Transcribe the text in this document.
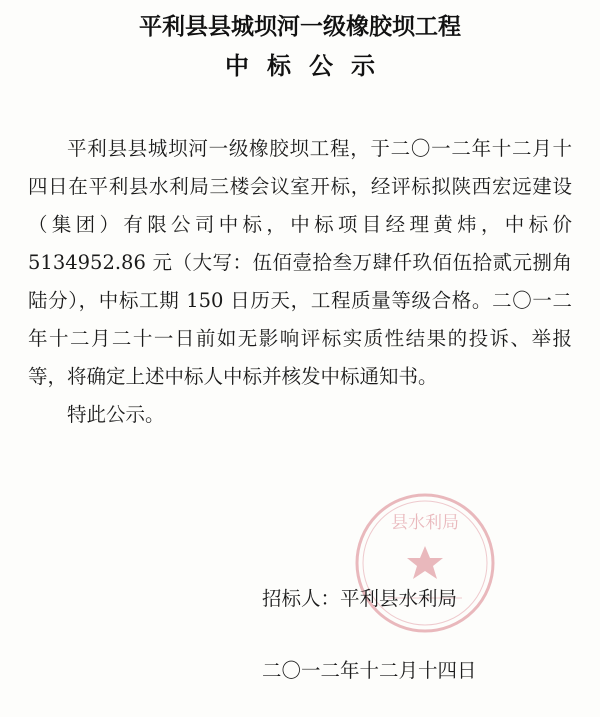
平利县县城坝河一级橡胶坝工程
中标公示

平利县县城坝河一级橡胶坝工程，于二〇一二年十二月十四日在平利县水利局三楼会议室开标，经评标拟陕西宏远建设（集团）有限公司中标，中标项目经理黄炜，中标价 5134952.86 元（大写：伍佰壹拾叁万肆仟玖佰伍拾贰元捌角陆分），中标工期 150 日历天，工程质量等级合格。二〇一二年十二月二十一日前如无影响评标实质性结果的投诉、举报等，将确定上述中标人中标并核发中标通知书。

特此公示。

县水利局
招标人：平利县水利局
二〇一二年十二月十四日
